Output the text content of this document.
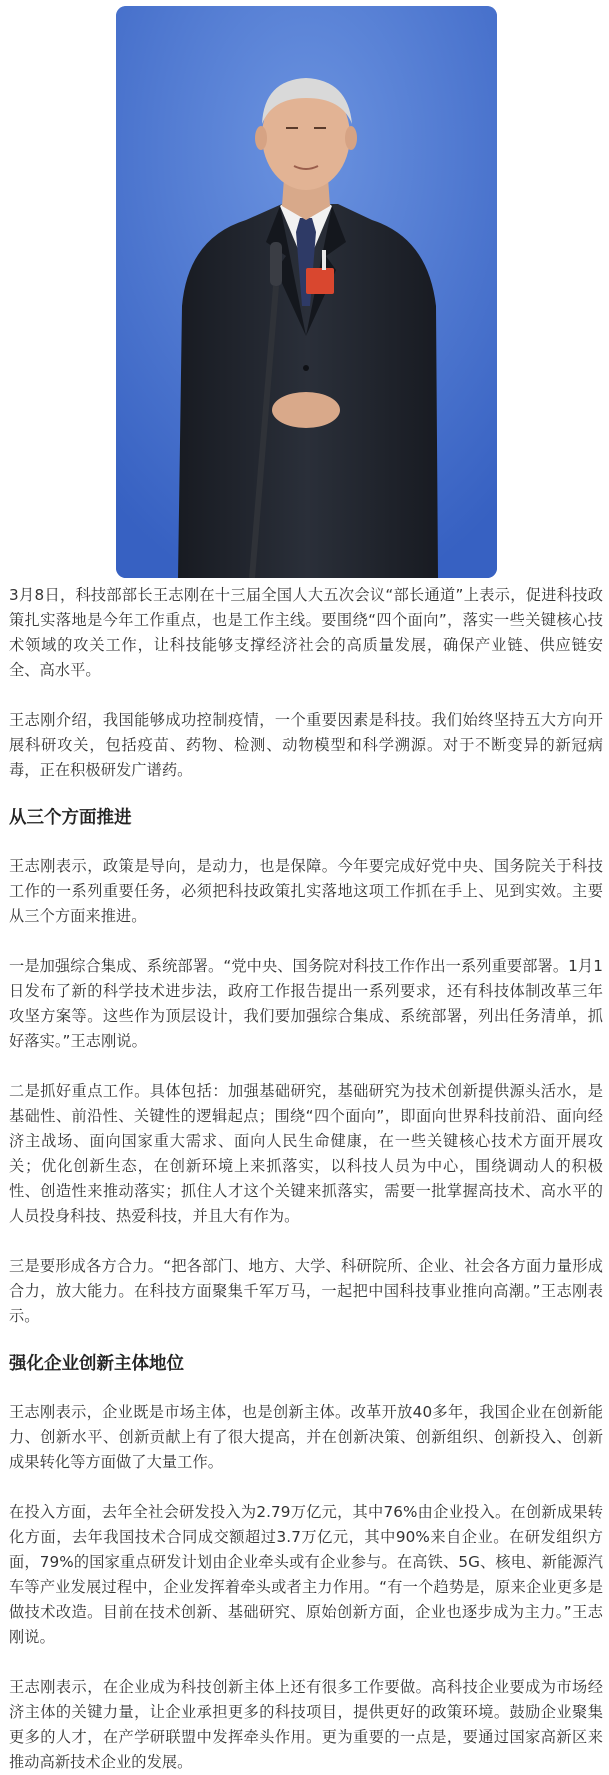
3月8日，科技部部长王志刚在十三届全国人大五次会议“部长通道”上表示，促进科技政策扎实落地是今年工作重点，也是工作主线。要围绕“四个面向”，落实一些关键核心技术领域的攻关工作，让科技能够支撑经济社会的高质量发展，确保产业链、供应链安全、高水平。

王志刚介绍，我国能够成功控制疫情，一个重要因素是科技。我们始终坚持五大方向开展科研攻关，包括疫苗、药物、检测、动物模型和科学溯源。对于不断变异的新冠病毒，正在积极研发广谱药。

从三个方面推进

王志刚表示，政策是导向，是动力，也是保障。今年要完成好党中央、国务院关于科技工作的一系列重要任务，必须把科技政策扎实落地这项工作抓在手上、见到实效。主要从三个方面来推进。

一是加强综合集成、系统部署。“党中央、国务院对科技工作作出一系列重要部署。1月1日发布了新的科学技术进步法，政府工作报告提出一系列要求，还有科技体制改革三年攻坚方案等。这些作为顶层设计，我们要加强综合集成、系统部署，列出任务清单，抓好落实。”王志刚说。

二是抓好重点工作。具体包括：加强基础研究，基础研究为技术创新提供源头活水，是基础性、前沿性、关键性的逻辑起点；围绕“四个面向”，即面向世界科技前沿、面向经济主战场、面向国家重大需求、面向人民生命健康，在一些关键核心技术方面开展攻关；优化创新生态，在创新环境上来抓落实，以科技人员为中心，围绕调动人的积极性、创造性来推动落实；抓住人才这个关键来抓落实，需要一批掌握高技术、高水平的人员投身科技、热爱科技，并且大有作为。

三是要形成各方合力。“把各部门、地方、大学、科研院所、企业、社会各方面力量形成合力，放大能力。在科技方面聚集千军万马，一起把中国科技事业推向高潮。”王志刚表示。

强化企业创新主体地位

王志刚表示，企业既是市场主体，也是创新主体。改革开放40多年，我国企业在创新能力、创新水平、创新贡献上有了很大提高，并在创新决策、创新组织、创新投入、创新成果转化等方面做了大量工作。

在投入方面，去年全社会研发投入为2.79万亿元，其中76%由企业投入。在创新成果转化方面，去年我国技术合同成交额超过3.7万亿元，其中90%来自企业。在研发组织方面，79%的国家重点研发计划由企业牵头或有企业参与。在高铁、5G、核电、新能源汽车等产业发展过程中，企业发挥着牵头或者主力作用。“有一个趋势是，原来企业更多是做技术改造。目前在技术创新、基础研究、原始创新方面，企业也逐步成为主力。”王志刚说。

王志刚表示，在企业成为科技创新主体上还有很多工作要做。高科技企业要成为市场经济主体的关键力量，让企业承担更多的科技项目，提供更好的政策环境。鼓励企业聚集更多的人才，在产学研联盟中发挥牵头作用。更为重要的一点是，要通过国家高新区来推动高新技术企业的发展。
